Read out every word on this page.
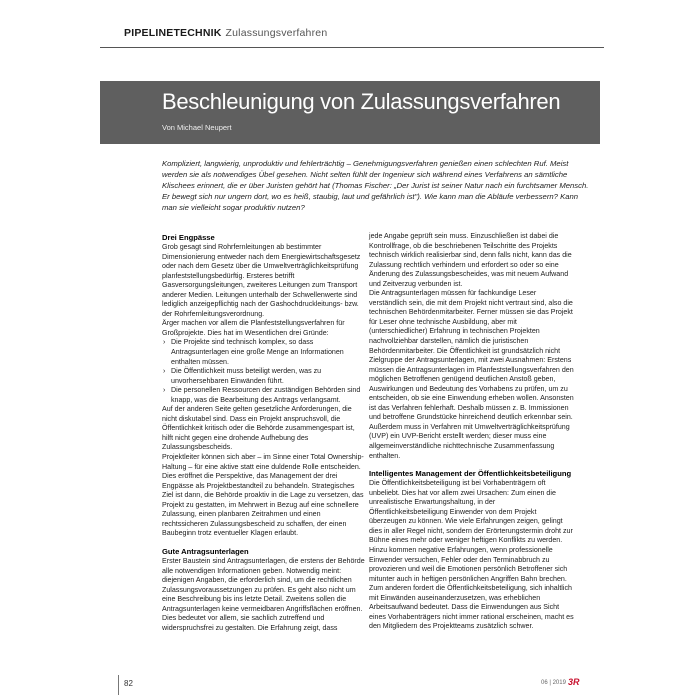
PIPELINETECHNIK Zulassungsverfahren
Beschleunigung von Zulassungsverfahren
Von Michael Neupert
Kompliziert, langwierig, unproduktiv und fehlerträchtig – Genehmigungsverfahren genießen einen schlechten Ruf. Meist werden sie als notwendiges Übel gesehen. Nicht selten fühlt der Ingenieur sich während eines Verfahrens an sämtliche Klischees erinnert, die er über Juristen gehört hat (Thomas Fischer: „Der Jurist ist seiner Natur nach ein furchtsamer Mensch. Er bewegt sich nur ungern dort, wo es heiß, staubig, laut und gefährlich ist"). Wie kann man die Abläufe verbessern? Kann man sie vielleicht sogar produktiv nutzen?
Drei Engpässe

Grob gesagt sind Rohrfernleitungen ab bestimmter Dimensionierung entweder nach dem Energiewirtschaftsgesetz oder nach dem Gesetz über die Umweltverträglichkeitsprüfung planfeststellungsbedürftig. Ersteres betrifft Gasversorgungsleitungen, zweiteres Leitungen zum Transport anderer Medien. Leitungen unterhalb der Schwellenwerte sind lediglich anzeigepflichtig nach der Gashochdruckleitungs- bzw. der Rohrfernleitungsverordnung.

Ärger machen vor allem die Planfeststellungsverfahren für Großprojekte. Dies hat im Wesentlichen drei Gründe:

› Die Projekte sind technisch komplex, so dass Antragsunterlagen eine große Menge an Informationen enthalten müssen.
› Die Öffentlichkeit muss beteiligt werden, was zu unvorhersehbaren Einwänden führt.
› Die personellen Ressourcen der zuständigen Behörden sind knapp, was die Bearbeitung des Antrags verlangsamt.

Auf der anderen Seite gelten gesetzliche Anforderungen, die nicht diskutabel sind. Dass ein Projekt anspruchsvoll, die Öffentlichkeit kritisch oder die Behörde zusammengespart ist, hilft nicht gegen eine drohende Aufhebung des Zulassungsbescheids.

Projektleiter können sich aber – im Sinne einer Total Ownership-Haltung – für eine aktive statt eine duldende Rolle entscheiden. Dies eröffnet die Perspektive, das Management der drei Engpässe als Projektbestandteil zu behandeln. Strategisches Ziel ist dann, die Behörde proaktiv in die Lage zu versetzen, das Projekt zu gestatten, im Mehrwert in Bezug auf eine schnellere Zulassung, einen planbaren Zeitrahmen und einen rechtssicheren Zulassungsbescheid zu schaffen, der einen Baubeginn trotz eventueller Klagen erlaubt.

Gute Antragsunterlagen

Erster Baustein sind Antragsunterlagen, die erstens der Behörde alle notwendigen Informationen geben. Notwendig meint: diejenigen Angaben, die erforderlich sind, um die rechtlichen Zulassungsvoraussetzungen zu prüfen. Es geht also nicht um eine Beschreibung bis ins letzte Detail. Zweitens sollen die Antragsunterlagen keine vermeidbaren Angriffsflächen eröffnen. Dies bedeutet vor allem, sie sachlich zutreffend und widerspruchsfrei zu gestalten. Die Erfahrung zeigt, dass

jede Angabe geprüft sein muss. Einzuschließen ist dabei die Kontrollfrage, ob die beschriebenen Teilschritte des Projekts technisch wirklich realisierbar sind, denn falls nicht, kann das die Zulassung rechtlich verhindern und erfordert so oder so eine Änderung des Zulassungsbescheides, was mit neuem Aufwand und Zeitverzug verbunden ist.

Die Antragsunterlagen müssen für fachkundige Leser verständlich sein, die mit dem Projekt nicht vertraut sind, also die technischen Behördenmitarbeiter. Ferner müssen sie das Projekt für Leser ohne technische Ausbildung, aber mit (unterschiedlicher) Erfahrung in technischen Projekten nachvollziehbar darstellen, nämlich die juristischen Behördenmitarbeiter. Die Öffentlichkeit ist grundsätzlich nicht Zielgruppe der Antragsunterlagen, mit zwei Ausnahmen: Erstens müssen die Antragsunterlagen im Planfeststellungsverfahren den möglichen Betroffenen genügend deutlichen Anstoß geben, Auswirkungen und Bedeutung des Vorhabens zu prüfen, um zu entscheiden, ob sie eine Einwendung erheben wollen. Ansonsten ist das Verfahren fehlerhaft. Deshalb müssen z. B. Immissionen und betroffene Grundstücke hinreichend deutlich erkennbar sein. Außerdem muss in Verfahren mit Umweltverträglichkeitsprüfung (UVP) ein UVP-Bericht erstellt werden; dieser muss eine allgemeinverständliche nichttechnische Zusammenfassung enthalten.

Intelligentes Management der Öffentlichkeitsbeteiligung

Die Öffentlichkeitsbeteiligung ist bei Vorhabenträgern oft unbeliebt. Dies hat vor allem zwei Ursachen: Zum einen die unrealistische Erwartungshaltung, in der Öffentlichkeitsbeteiligung Einwender von dem Projekt überzeugen zu können. Wie viele Erfahrungen zeigen, gelingt dies in aller Regel nicht, sondern der Erörterungstermin droht zur Bühne eines mehr oder weniger heftigen Konflikts zu werden. Hinzu kommen negative Erfahrungen, wenn professionelle Einwender versuchen, Fehler oder den Terminabbruch zu provozieren und weil die Emotionen persönlich Betroffener sich mitunter auch in heftigen persönlichen Angriffen Bahn brechen. Zum anderen fordert die Öffentlichkeitsbeteiligung, sich inhaltlich mit Einwänden auseinanderzusetzen, was erheblichen Arbeitsaufwand bedeutet. Dass die Einwendungen aus Sicht eines Vorhabenträgers nicht immer rational erscheinen, macht es den Mitgliedern des Projektteams zusätzlich schwer.

82	06 | 2019 3R
